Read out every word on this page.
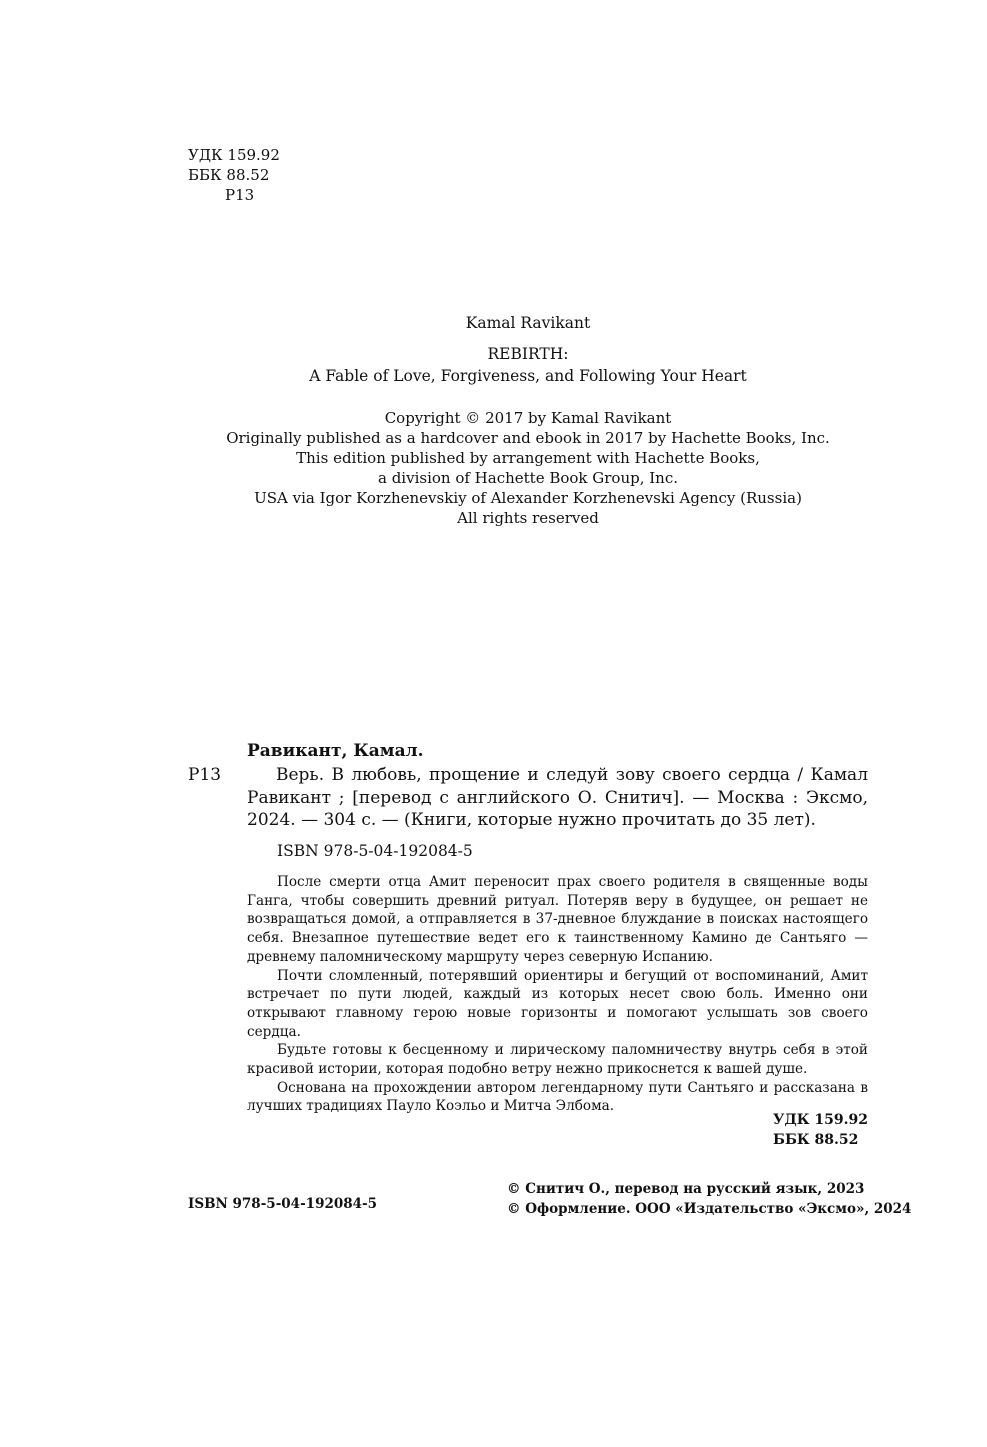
УДК 159.92
ББК 88.52
Р13
Kamal Ravikant
REBIRTH:
A Fable of Love, Forgiveness, and Following Your Heart
Copyright © 2017 by Kamal Ravikant
Originally published as a hardcover and ebook in 2017 by Hachette Books, Inc.
This edition published by arrangement with Hachette Books,
a division of Hachette Book Group, Inc.
USA via Igor Korzhenevskiy of Alexander Korzhenevski Agency (Russia)
All rights reserved
Равикант, Камал.
Р13	Верь. В любовь, прощение и следуй зову своего сердца / Камал Равикант ; [перевод с английского О. Снитич]. — Москва : Эксмо, 2024. — 304 с. — (Книги, которые нужно прочитать до 35 лет).
ISBN 978-5-04-192084-5

После смерти отца Амит переносит прах своего родителя в священные воды Ганга, чтобы совершить древний ритуал. Потеряв веру в будущее, он решает не возвращаться домой, а отправляется в 37-дневное блуждание в поисках настоящего себя. Внезапное путешествие ведет его к таинственному Камино де Сантьяго — древнему паломническому маршруту через северную Испанию.

Почти сломленный, потерявший ориентиры и бегущий от воспоминаний, Амит встречает по пути людей, каждый из которых несет свою боль. Именно они открывают главному герою новые горизонты и помогают услышать зов своего сердца.

Будьте готовы к бесценному и лирическому паломничеству внутрь себя в этой красивой истории, которая подобно ветру нежно прикоснется к вашей душе.

Основана на прохождении автором легендарному пути Сантьяго и рассказана в лучших традициях Пауло Коэльо и Митча Элбома.

УДК 159.92
ББК 88.52
ISBN 978-5-04-192084-5
© Снитич О., перевод на русский язык, 2023
© Оформление. ООО «Издательство «Эксмо», 2024
